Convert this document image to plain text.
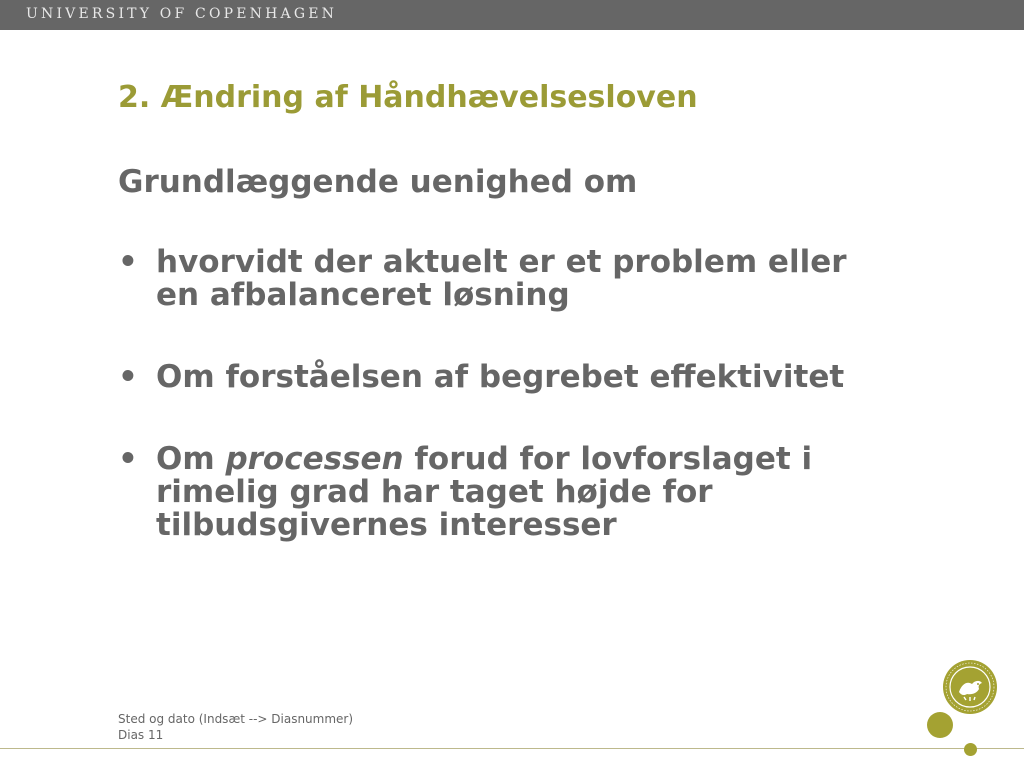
UNIVERSITY OF COPENHAGEN
2. Ændring af Håndhævelsesloven
Grundlæggende uenighed om
• hvorvidt der aktuelt er et problem eller en afbalanceret løsning
• Om forståelsen af begrebet effektivitet
• Om processen forud for lovforslaget i rimelig grad har taget højde for tilbudsgivernes interesser
Sted og dato (Indsæt --> Diasnummer)
Dias 11
